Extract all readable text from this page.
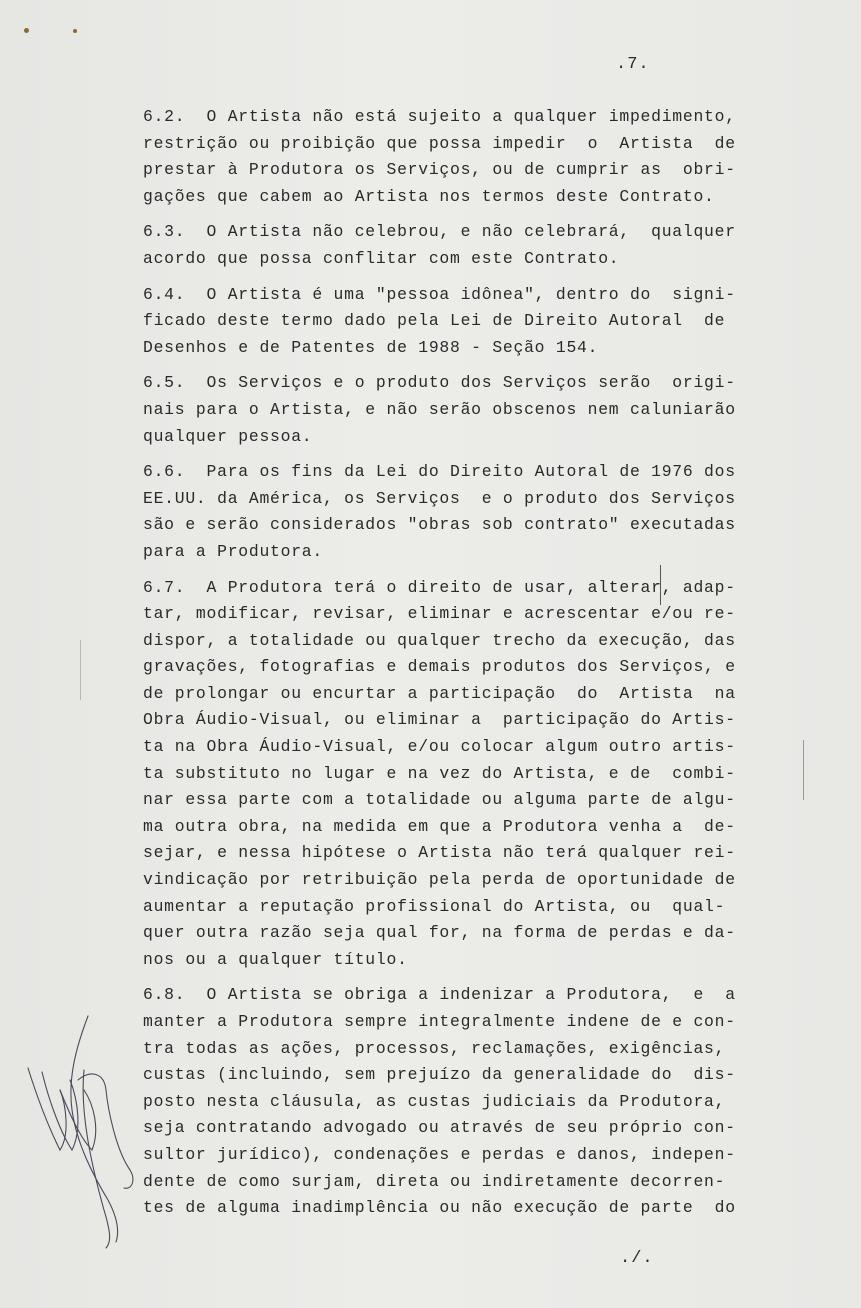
.7.
6.2.  O Artista não está sujeito a qualquer impedimento,
restrição ou proibição que possa impedir  o  Artista  de
prestar à Produtora os Serviços, ou de cumprir as  obri-
gações que cabem ao Artista nos termos deste Contrato.
6.3.  O Artista não celebrou, e não celebrará,  qualquer
acordo que possa conflitar com este Contrato.
6.4.  O Artista é uma "pessoa idônea", dentro do  signi-
ficado deste termo dado pela Lei de Direito Autoral  de
Desenhos e de Patentes de 1988 - Seção 154.
6.5.  Os Serviços e o produto dos Serviços serão  origi-
nais para o Artista, e não serão obscenos nem caluniarão
qualquer pessoa.
6.6.  Para os fins da Lei do Direito Autoral de 1976 dos
EE.UU. da América, os Serviços  e o produto dos Serviços
são e serão considerados "obras sob contrato" executadas
para a Produtora.
6.7.  A Produtora terá o direito de usar, alterar, adap-
tar, modificar, revisar, eliminar e acrescentar e/ou re-
dispor, a totalidade ou qualquer trecho da execução, das
gravações, fotografias e demais produtos dos Serviços, e
de prolongar ou encurtar a participação  do  Artista  na
Obra Áudio-Visual, ou eliminar a  participação do Artis-
ta na Obra Áudio-Visual, e/ou colocar algum outro artis-
ta substituto no lugar e na vez do Artista, e de  combi-
nar essa parte com a totalidade ou alguma parte de algu-
ma outra obra, na medida em que a Produtora venha a  de-
sejar, e nessa hipótese o Artista não terá qualquer rei-
vindicação por retribuição pela perda de oportunidade de
aumentar a reputação profissional do Artista, ou  qual-
quer outra razão seja qual for, na forma de perdas e da-
nos ou a qualquer título.
6.8.  O Artista se obriga a indenizar a Produtora,  e  a
manter a Produtora sempre integralmente indene de e con-
tra todas as ações, processos, reclamações, exigências,
custas (incluindo, sem prejuízo da generalidade do  dis-
posto nesta cláusula, as custas judiciais da Produtora,
seja contratando advogado ou através de seu próprio con-
sultor jurídico), condenações e perdas e danos, indepen-
dente de como surjam, direta ou indiretamente decorren-
tes de alguma inadimplência ou não execução de parte  do
./.
